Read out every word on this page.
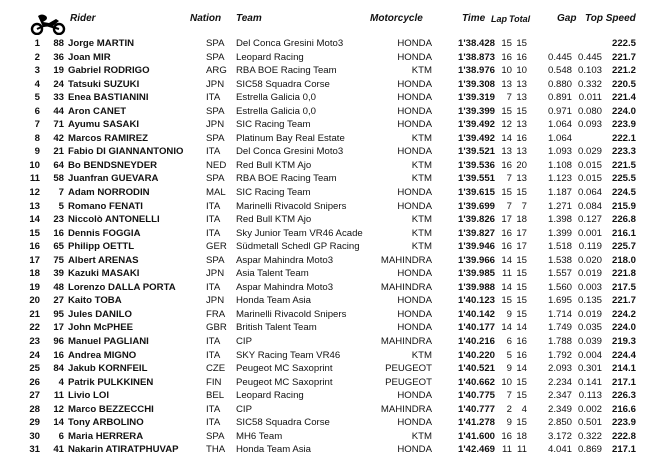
Rider	Nation Team	Motorcycle	Time Lap Total	Gap Top Speed
1	88 Jorge MARTIN	SPA Del Conca Gresini Moto3	HONDA	1'38.428 15 15	222.5
2	36 Joan MIR	SPA Leopard Racing	HONDA	1'38.873 16 16	0.445 0.445	221.7
3	19 Gabriel RODRIGO	ARG RBA BOE Racing Team	KTM	1'38.976 10 10	0.548 0.103	221.2
4	24 Tatsuki SUZUKI	JPN SIC58 Squadra Corse	HONDA	1'39.308 13 13	0.880 0.332	220.5
5	33 Enea BASTIANINI	ITA Estrella Galicia 0,0	HONDA	1'39.319	7 13	0.891 0.011	221.4
6	44 Aron CANET	SPA Estrella Galicia 0,0	HONDA	1'39.399 15 15	0.971 0.080	224.0
7	71 Ayumu SASAKI	JPN SIC Racing Team	HONDA	1'39.492 12 13	1.064 0.093	223.9
8	42 Marcos RAMIREZ	SPA Platinum Bay Real Estate	KTM	1'39.492 14 16	1.064	222.1
9	21 Fabio DI GIANNANTONIO ITA Del Conca Gresini Moto3	HONDA	1'39.521 13 13	1.093 0.029	223.3
10	64 Bo BENDSNEYDER	NED Red Bull KTM Ajo	KTM	1'39.536 16 20	1.108 0.015	221.5
11	58 Juanfran GUEVARA	SPA RBA BOE Racing Team	KTM	1'39.551	7 13	1.123 0.015	225.5
12	7 Adam NORRODIN	MAL SIC Racing Team	HONDA	1'39.615 15 15	1.187 0.064	224.5
13	5 Romano FENATI	ITA Marinelli Rivacold Snipers	HONDA	1'39.699	7	7	1.271 0.084	215.9
14	23 Niccolò ANTONELLI	ITA Red Bull KTM Ajo	KTM	1'39.826 17 18	1.398 0.127	226.8
15	16 Dennis FOGGIA	ITA Sky Junior Team VR46 Acade	KTM	1'39.827 16 17	1.399 0.001	216.1
16	65 Philipp OETTL	GER Südmetall Schedl GP Racing	KTM	1'39.946 16 17	1.518 0.119	225.7
17	75 Albert ARENAS	SPA Aspar Mahindra Moto3	MAHINDRA	1'39.966 14 15	1.538 0.020	218.0
18	39 Kazuki MASAKI	JPN Asia Talent Team	HONDA	1'39.985 11 15	1.557 0.019	221.8
19	48 Lorenzo DALLA PORTA	ITA Aspar Mahindra Moto3	MAHINDRA	1'39.988 14 15	1.560 0.003	217.5
20	27 Kaito TOBA	JPN Honda Team Asia	HONDA	1'40.123 15 15	1.695 0.135	221.7
21	95 Jules DANILO	FRA Marinelli Rivacold Snipers	HONDA	1'40.142	9 15	1.714 0.019	224.2
22	17 John McPHEE	GBR British Talent Team	HONDA	1'40.177 14 14	1.749 0.035	224.0
23	96 Manuel PAGLIANI	ITA CIP	MAHINDRA	1'40.216	6 16	1.788 0.039	219.3
24	16 Andrea MIGNO	ITA SKY Racing Team VR46	KTM	1'40.220	5 16	1.792 0.004	224.4
25	84 Jakub KORNFEIL	CZE Peugeot MC Saxoprint	PEUGEOT	1'40.521	9 14	2.093 0.301	214.1
26	4 Patrik PULKKINEN	FIN Peugeot MC Saxoprint	PEUGEOT	1'40.662 10 15	2.234 0.141	217.1
27	11 Livio LOI	BEL Leopard Racing	HONDA	1'40.775	7 15	2.347 0.113	226.3
28	12 Marco BEZZECCHI	ITA CIP	MAHINDRA	1'40.777	2	4	2.349 0.002	216.6
29	14 Tony ARBOLINO	ITA SIC58 Squadra Corse	HONDA	1'41.278	9 15	2.850 0.501	223.9
30	6 Maria HERRERA	SPA MH6 Team	KTM	1'41.600 16 18	3.172 0.322	222.8
31	41 Nakarin ATIRATPHUVAP	THA Honda Team Asia	HONDA	1'42.469 11 11	4.041 0.869	217.1
